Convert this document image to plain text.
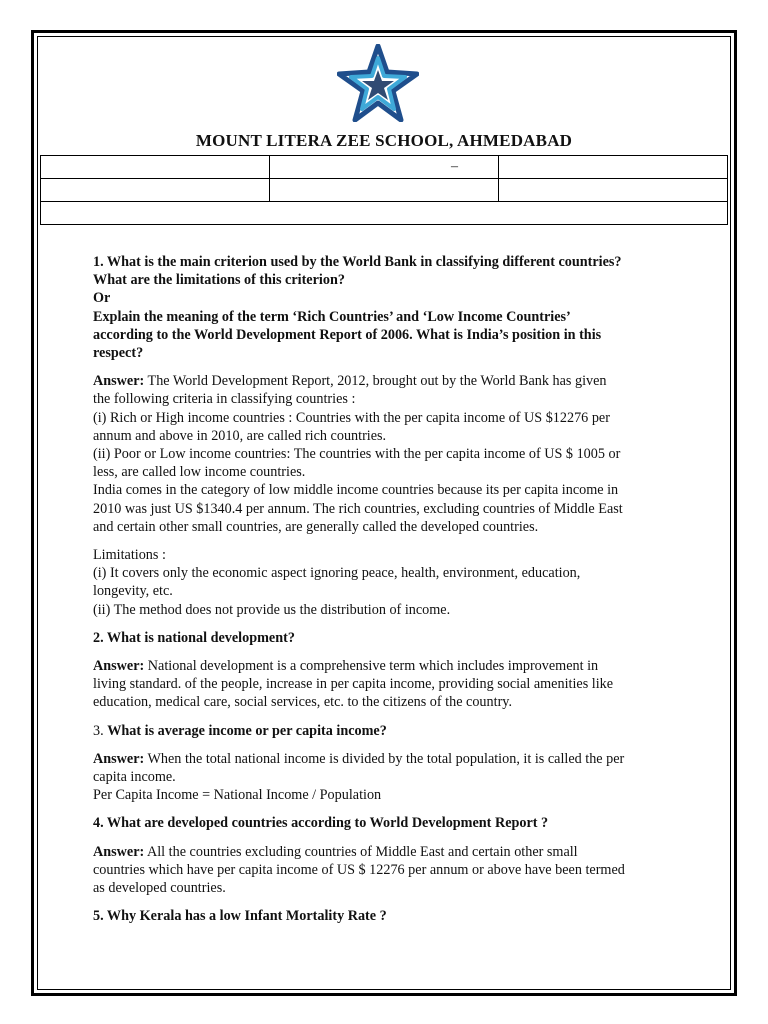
MOUNT LITERA ZEE SCHOOL, AHMEDABAD
	–	

1. What is the main criterion used by the World Bank in classifying different countries?

What are the limitations of this criterion?

Or

Explain the meaning of the term ‘Rich Countries’ and ‘Low Income Countries’

according to the World Development Report of 2006. What is India’s position in this

respect?

Answer: The World Development Report, 2012, brought out by the World Bank has given

the following criteria in classifying countries :

(i) Rich or High income countries : Countries with the per capita income of US $12276 per

annum and above in 2010, are called rich countries.

(ii) Poor or Low income countries: The countries with the per capita income of US $ 1005 or

less, are called low income countries.

India comes in the category of low middle income countries because its per capita income in

2010 was just US $1340.4 per annum. The rich countries, excluding countries of Middle East

and certain other small countries, are generally called the developed countries.

Limitations :

(i) It covers only the economic aspect ignoring peace, health, environment, education,

longevity, etc.

(ii) The method does not provide us the distribution of income.

2. What is national development?

Answer: National development is a comprehensive term which includes improvement in

living standard. of the people, increase in per capita income, providing social amenities like

education, medical care, social services, etc. to the citizens of the country.

3. What is average income or per capita income?

Answer: When the total national income is divided by the total population, it is called the per

capita income.

Per Capita Income = National Income / Population

4. What are developed countries according to World Development Report ?

Answer: All the countries excluding countries of Middle East and certain other small

countries which have per capita income of US $ 12276 per annum or above have been termed

as developed countries.

5. Why Kerala has a low Infant Mortality Rate ?
